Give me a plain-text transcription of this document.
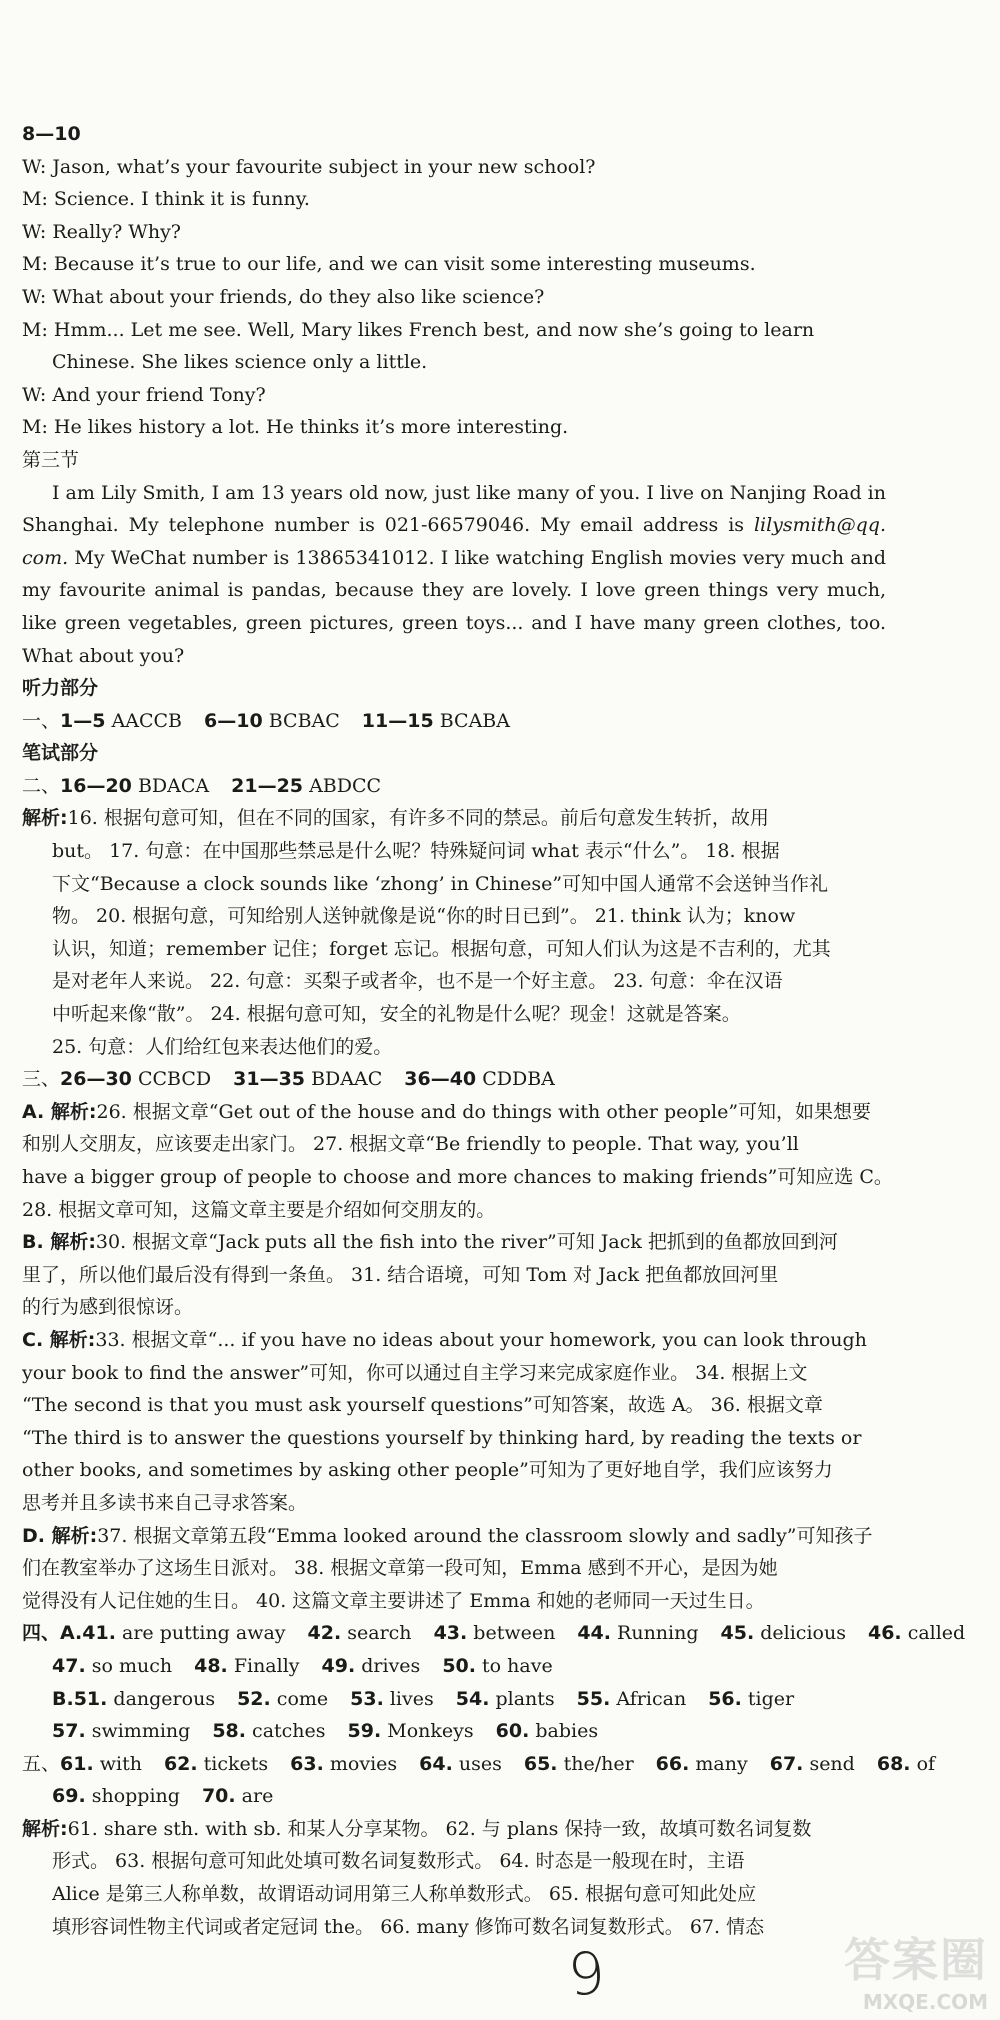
8—10
W: Jason, what’s your favourite subject in your new school?
M: Science. I think it is funny.
W: Really? Why?
M: Because it’s true to our life, and we can visit some interesting museums.
W: What about your friends, do they also like science?
M: Hmm... Let me see. Well, Mary likes French best, and now she’s going to learn
Chinese. She likes science only a little.
W: And your friend Tony?
M: He likes history a lot. He thinks it’s more interesting.
第三节
I am Lily Smith, I am 13 years old now, just like many of you. I live on Nanjing Road in Shanghai. My telephone number is 021-66579046. My email address is lilysmith@qq. com. My WeChat number is 13865341012. I like watching English movies very much and my favourite animal is pandas, because they are lovely. I love green things very much, like green vegetables, green pictures, green toys... and I have many green clothes, too. What about you?
听力部分
一、1—5 AACCB 6—10 BCBAC 11—15 BCABA
笔试部分
二、16—20 BDACA 21—25 ABDCC
解析:16. 根据句意可知，但在不同的国家，有许多不同的禁忌。前后句意发生转折，故用
but。 17. 句意：在中国那些禁忌是什么呢？特殊疑问词 what 表示“什么”。 18. 根据
下文“Because a clock sounds like ‘zhong’ in Chinese”可知中国人通常不会送钟当作礼
物。 20. 根据句意，可知给别人送钟就像是说“你的时日已到”。 21. think 认为；know
认识，知道；remember 记住；forget 忘记。根据句意，可知人们认为这是不吉利的，尤其
是对老年人来说。 22. 句意：买梨子或者伞，也不是一个好主意。 23. 句意：伞在汉语
中听起来像“散”。 24. 根据句意可知，安全的礼物是什么呢？现金！这就是答案。
25. 句意：人们给红包来表达他们的爱。
三、26—30 CCBCD 31—35 BDAAC 36—40 CDDBA
A. 解析:26. 根据文章“Get out of the house and do things with other people”可知，如果想要
和别人交朋友，应该要走出家门。 27. 根据文章“Be friendly to people. That way, you’ll
have a bigger group of people to choose and more chances to making friends”可知应选 C。
28. 根据文章可知，这篇文章主要是介绍如何交朋友的。
B. 解析:30. 根据文章“Jack puts all the fish into the river”可知 Jack 把抓到的鱼都放回到河
里了，所以他们最后没有得到一条鱼。 31. 结合语境，可知 Tom 对 Jack 把鱼都放回河里
的行为感到很惊讶。
C. 解析:33. 根据文章“... if you have no ideas about your homework, you can look through
your book to find the answer”可知，你可以通过自主学习来完成家庭作业。 34. 根据上文
“The second is that you must ask yourself questions”可知答案，故选 A。 36. 根据文章
“The third is to answer the questions yourself by thinking hard, by reading the texts or
other books, and sometimes by asking other people”可知为了更好地自学，我们应该努力
思考并且多读书来自己寻求答案。
D. 解析:37. 根据文章第五段“Emma looked around the classroom slowly and sadly”可知孩子
们在教室举办了这场生日派对。 38. 根据文章第一段可知，Emma 感到不开心，是因为她
觉得没有人记住她的生日。 40. 这篇文章主要讲述了 Emma 和她的老师同一天过生日。
四、A.41. are putting away 42. search 43. between 44. Running 45. delicious 46. called
47. so much 48. Finally 49. drives 50. to have
B.51. dangerous 52. come 53. lives 54. plants 55. African 56. tiger
57. swimming 58. catches 59. Monkeys 60. babies
五、61. with 62. tickets 63. movies 64. uses 65. the/her 66. many 67. send 68. of
69. shopping 70. are
解析:61. share sth. with sb. 和某人分享某物。 62. 与 plans 保持一致，故填可数名词复数
形式。 63. 根据句意可知此处填可数名词复数形式。 64. 时态是一般现在时，主语
Alice 是第三人称单数，故谓语动词用第三人称单数形式。 65. 根据句意可知此处应
填形容词性物主代词或者定冠词 the。 66. many 修饰可数名词复数形式。 67. 情态
9	答案圈
MXQE.COM
